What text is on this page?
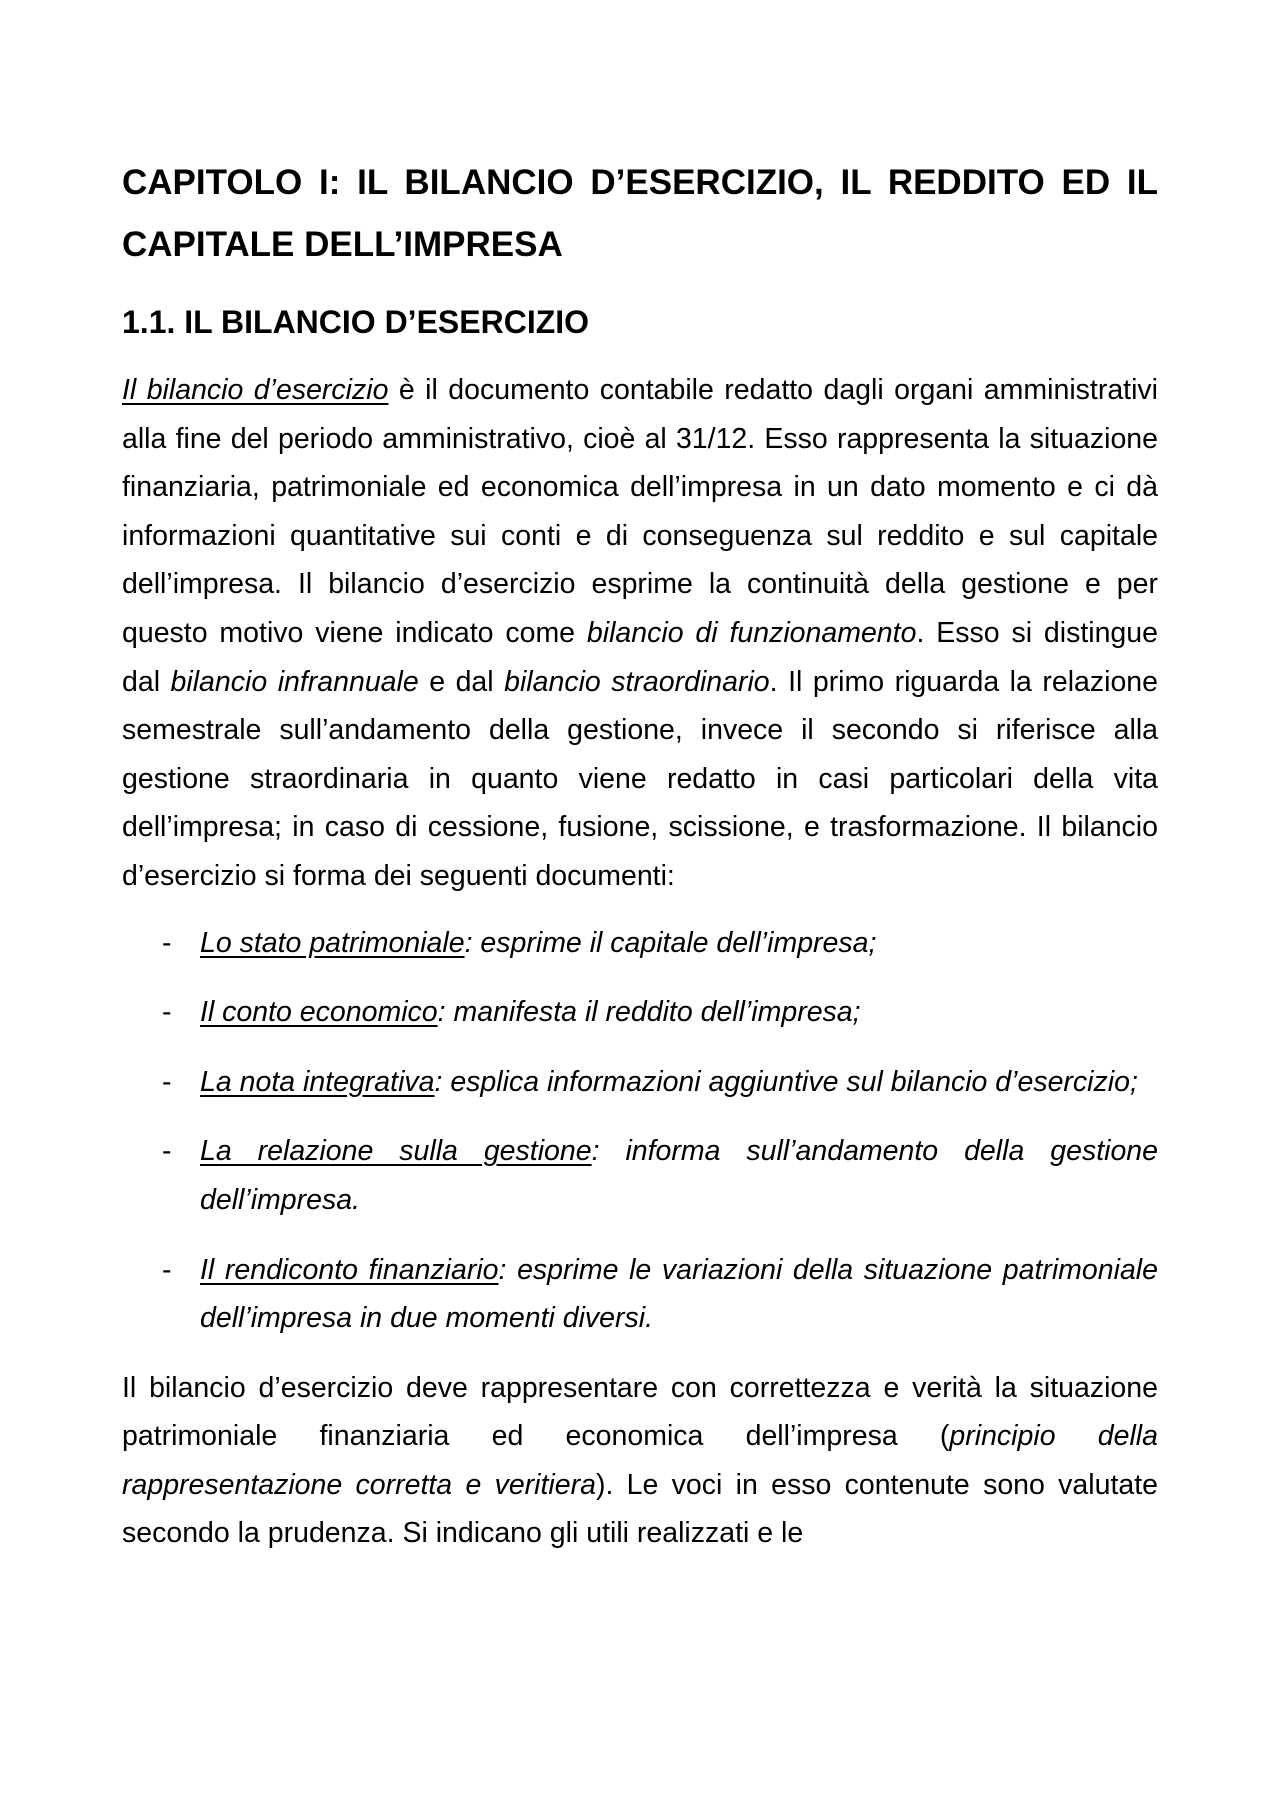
CAPITOLO I: IL BILANCIO D’ESERCIZIO, IL REDDITO ED IL CAPITALE DELL’IMPRESA
1.1. IL BILANCIO D’ESERCIZIO

Il bilancio d’esercizio è il documento contabile redatto dagli organi amministrativi alla fine del periodo amministrativo, cioè al 31/12. Esso rappresenta la situazione finanziaria, patrimoniale ed economica dell’impresa in un dato momento e ci dà informazioni quantitative sui conti e di conseguenza sul reddito e sul capitale dell’impresa. Il bilancio d’esercizio esprime la continuità della gestione e per questo motivo viene indicato come bilancio di funzionamento. Esso si distingue dal bilancio infrannuale e dal bilancio straordinario. Il primo riguarda la relazione semestrale sull’andamento della gestione, invece il secondo si riferisce alla gestione straordinaria in quanto viene redatto in casi particolari della vita dell’impresa; in caso di cessione, fusione, scissione, e trasformazione. Il bilancio d’esercizio si forma dei seguenti documenti:

- Lo stato patrimoniale: esprime il capitale dell’impresa;
- Il conto economico: manifesta il reddito dell’impresa;
- La nota integrativa: esplica informazioni aggiuntive sul bilancio d’esercizio;
- La relazione sulla gestione: informa sull’andamento della gestione dell’impresa.
- Il rendiconto finanziario: esprime le variazioni della situazione patrimoniale dell’impresa in due momenti diversi.

Il bilancio d’esercizio deve rappresentare con correttezza e verità la situazione patrimoniale finanziaria ed economica dell’impresa (principio della rappresentazione corretta e veritiera). Le voci in esso contenute sono valutate secondo la prudenza. Si indicano gli utili realizzati e le
